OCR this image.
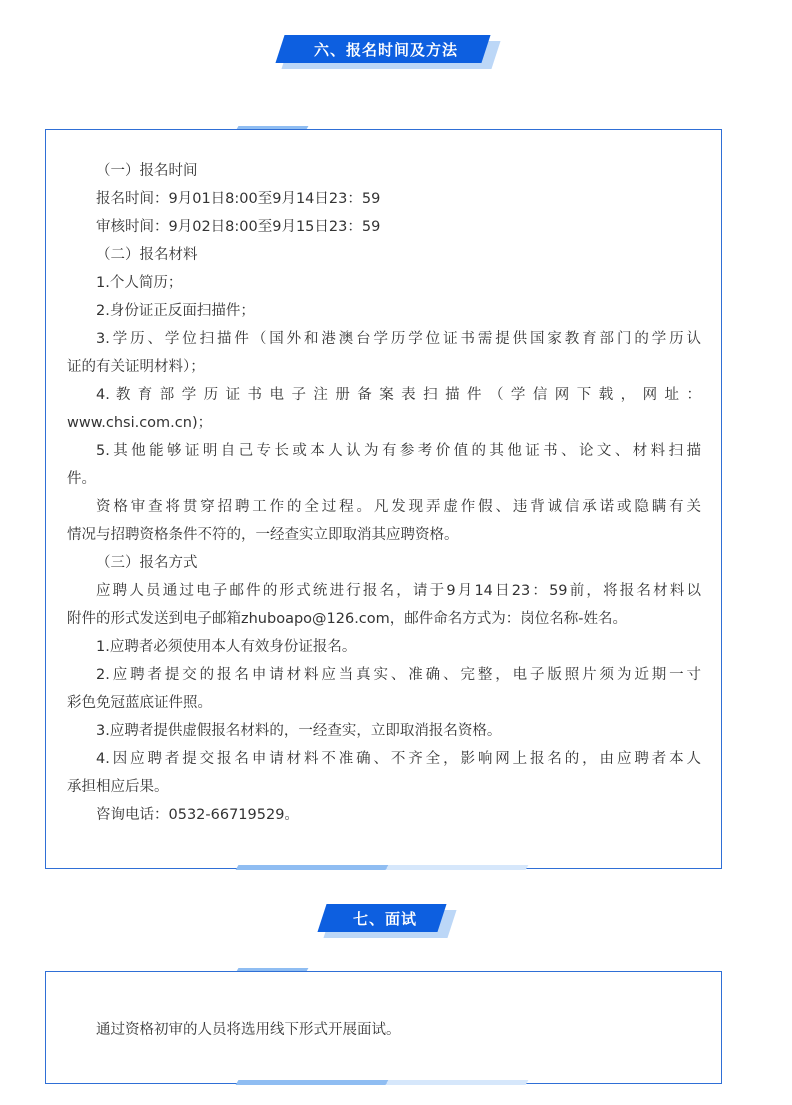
六、报名时间及方法

（一）报名时间

报名时间：9月01日8:00至9月14日23：59

审核时间：9月02日8:00至9月15日23：59

（二）报名材料

1.个人简历；

2.身份证正反面扫描件；

3.学历、学位扫描件（国外和港澳台学历学位证书需提供国家教育部门的学历认

证的有关证明材料）；

4. 教 育 部 学 历 证 书 电 子 注 册 备 案 表 扫 描 件 （ 学 信 网 下 载 ， 网 址 ：

www.chsi.com.cn)；

5.其他能够证明自己专长或本人认为有参考价值的其他证书、论文、材料扫描

件。

资格审查将贯穿招聘工作的全过程。凡发现弄虚作假、违背诚信承诺或隐瞒有关

情况与招聘资格条件不符的，一经查实立即取消其应聘资格。

（三）报名方式

应聘人员通过电子邮件的形式统进行报名，请于9月14日23：59前，将报名材料以

附件的形式发送到电子邮箱zhuboapo@126.com，邮件命名方式为：岗位名称-姓名。

1.应聘者必须使用本人有效身份证报名。

2.应聘者提交的报名申请材料应当真实、准确、完整，电子版照片须为近期一寸

彩色免冠蓝底证件照。

3.应聘者提供虚假报名材料的，一经查实，立即取消报名资格。

4.因应聘者提交报名申请材料不准确、不齐全，影响网上报名的，由应聘者本人

承担相应后果。

咨询电话：0532-66719529。

七、面试

通过资格初审的人员将选用线下形式开展面试。
